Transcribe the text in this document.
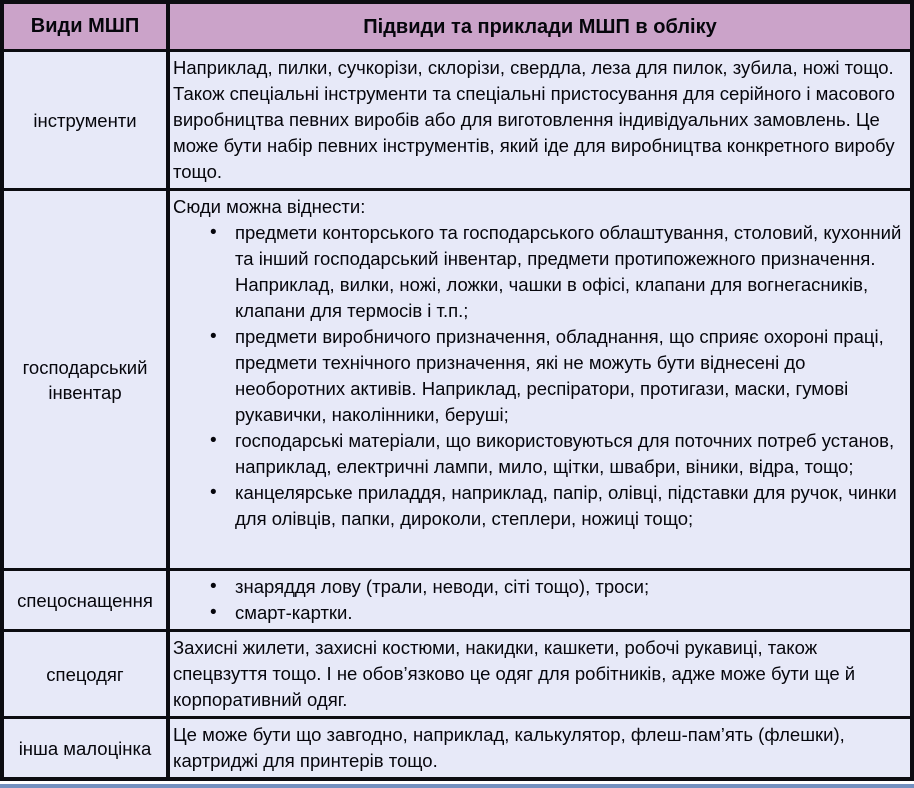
Види МШП	Підвиди та приклади МШП в обліку
інструменти

Наприклад, пилки, сучкорізи, склорізи, свердла, леза для пилок, зубила, ножі тощо. Також спеціальні інструменти та спеціальні пристосування для серійного і масового виробництва певних виробів або для виготовлення індивідуальних замовлень. Це може бути набір певних інструментів, який іде для виробництва конкретного виробу тощо.

господарський інвентар

Сюди можна віднести:

• предмети конторського та господарського облаштування, столовий, кухонний та інший господарський інвентар, предмети протипожежного призначення. Наприклад, вилки, ножі, ложки, чашки в офісі, клапани для вогнегасників, клапани для термосів і т.п.;
• предмети виробничого призначення, обладнання, що сприяє охороні праці, предмети технічного призначення, які не можуть бути віднесені до необоротних активів. Наприклад, респіратори, протигази, маски, гумові рукавички, наколінники, беруші;
• господарські матеріали, що використовуються для поточних потреб установ, наприклад, електричні лампи, мило, щітки, швабри, віники, відра, тощо;
• канцелярське приладдя, наприклад, папір, олівці, підставки для ручок, чинки для олівців, папки, дироколи, степлери, ножиці тощо;
спецоснащення
• знаряддя лову (трали, неводи, сіті тощо), троси;
• смарт-картки.
спецодяг

Захисні жилети, захисні костюми, накидки, кашкети, робочі рукавиці, також спецвзуття тощо. І не обов’язково це одяг для робітників, адже може бути ще й корпоративний одяг.

інша малоцінка

Це може бути що завгодно, наприклад, калькулятор, флеш-пам’ять (флешки), картриджі для принтерів тощо.
